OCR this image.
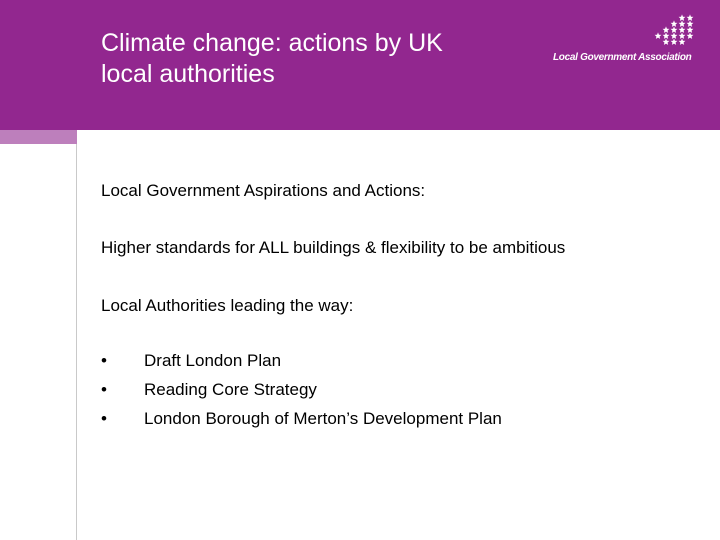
Climate change: actions by UK
local authorities
Local Government Association
Local Government Aspirations and Actions:
Higher standards for ALL buildings & flexibility to be ambitious
Local Authorities leading the way:
• Draft London Plan
• Reading Core Strategy
• London Borough of Merton’s Development Plan
